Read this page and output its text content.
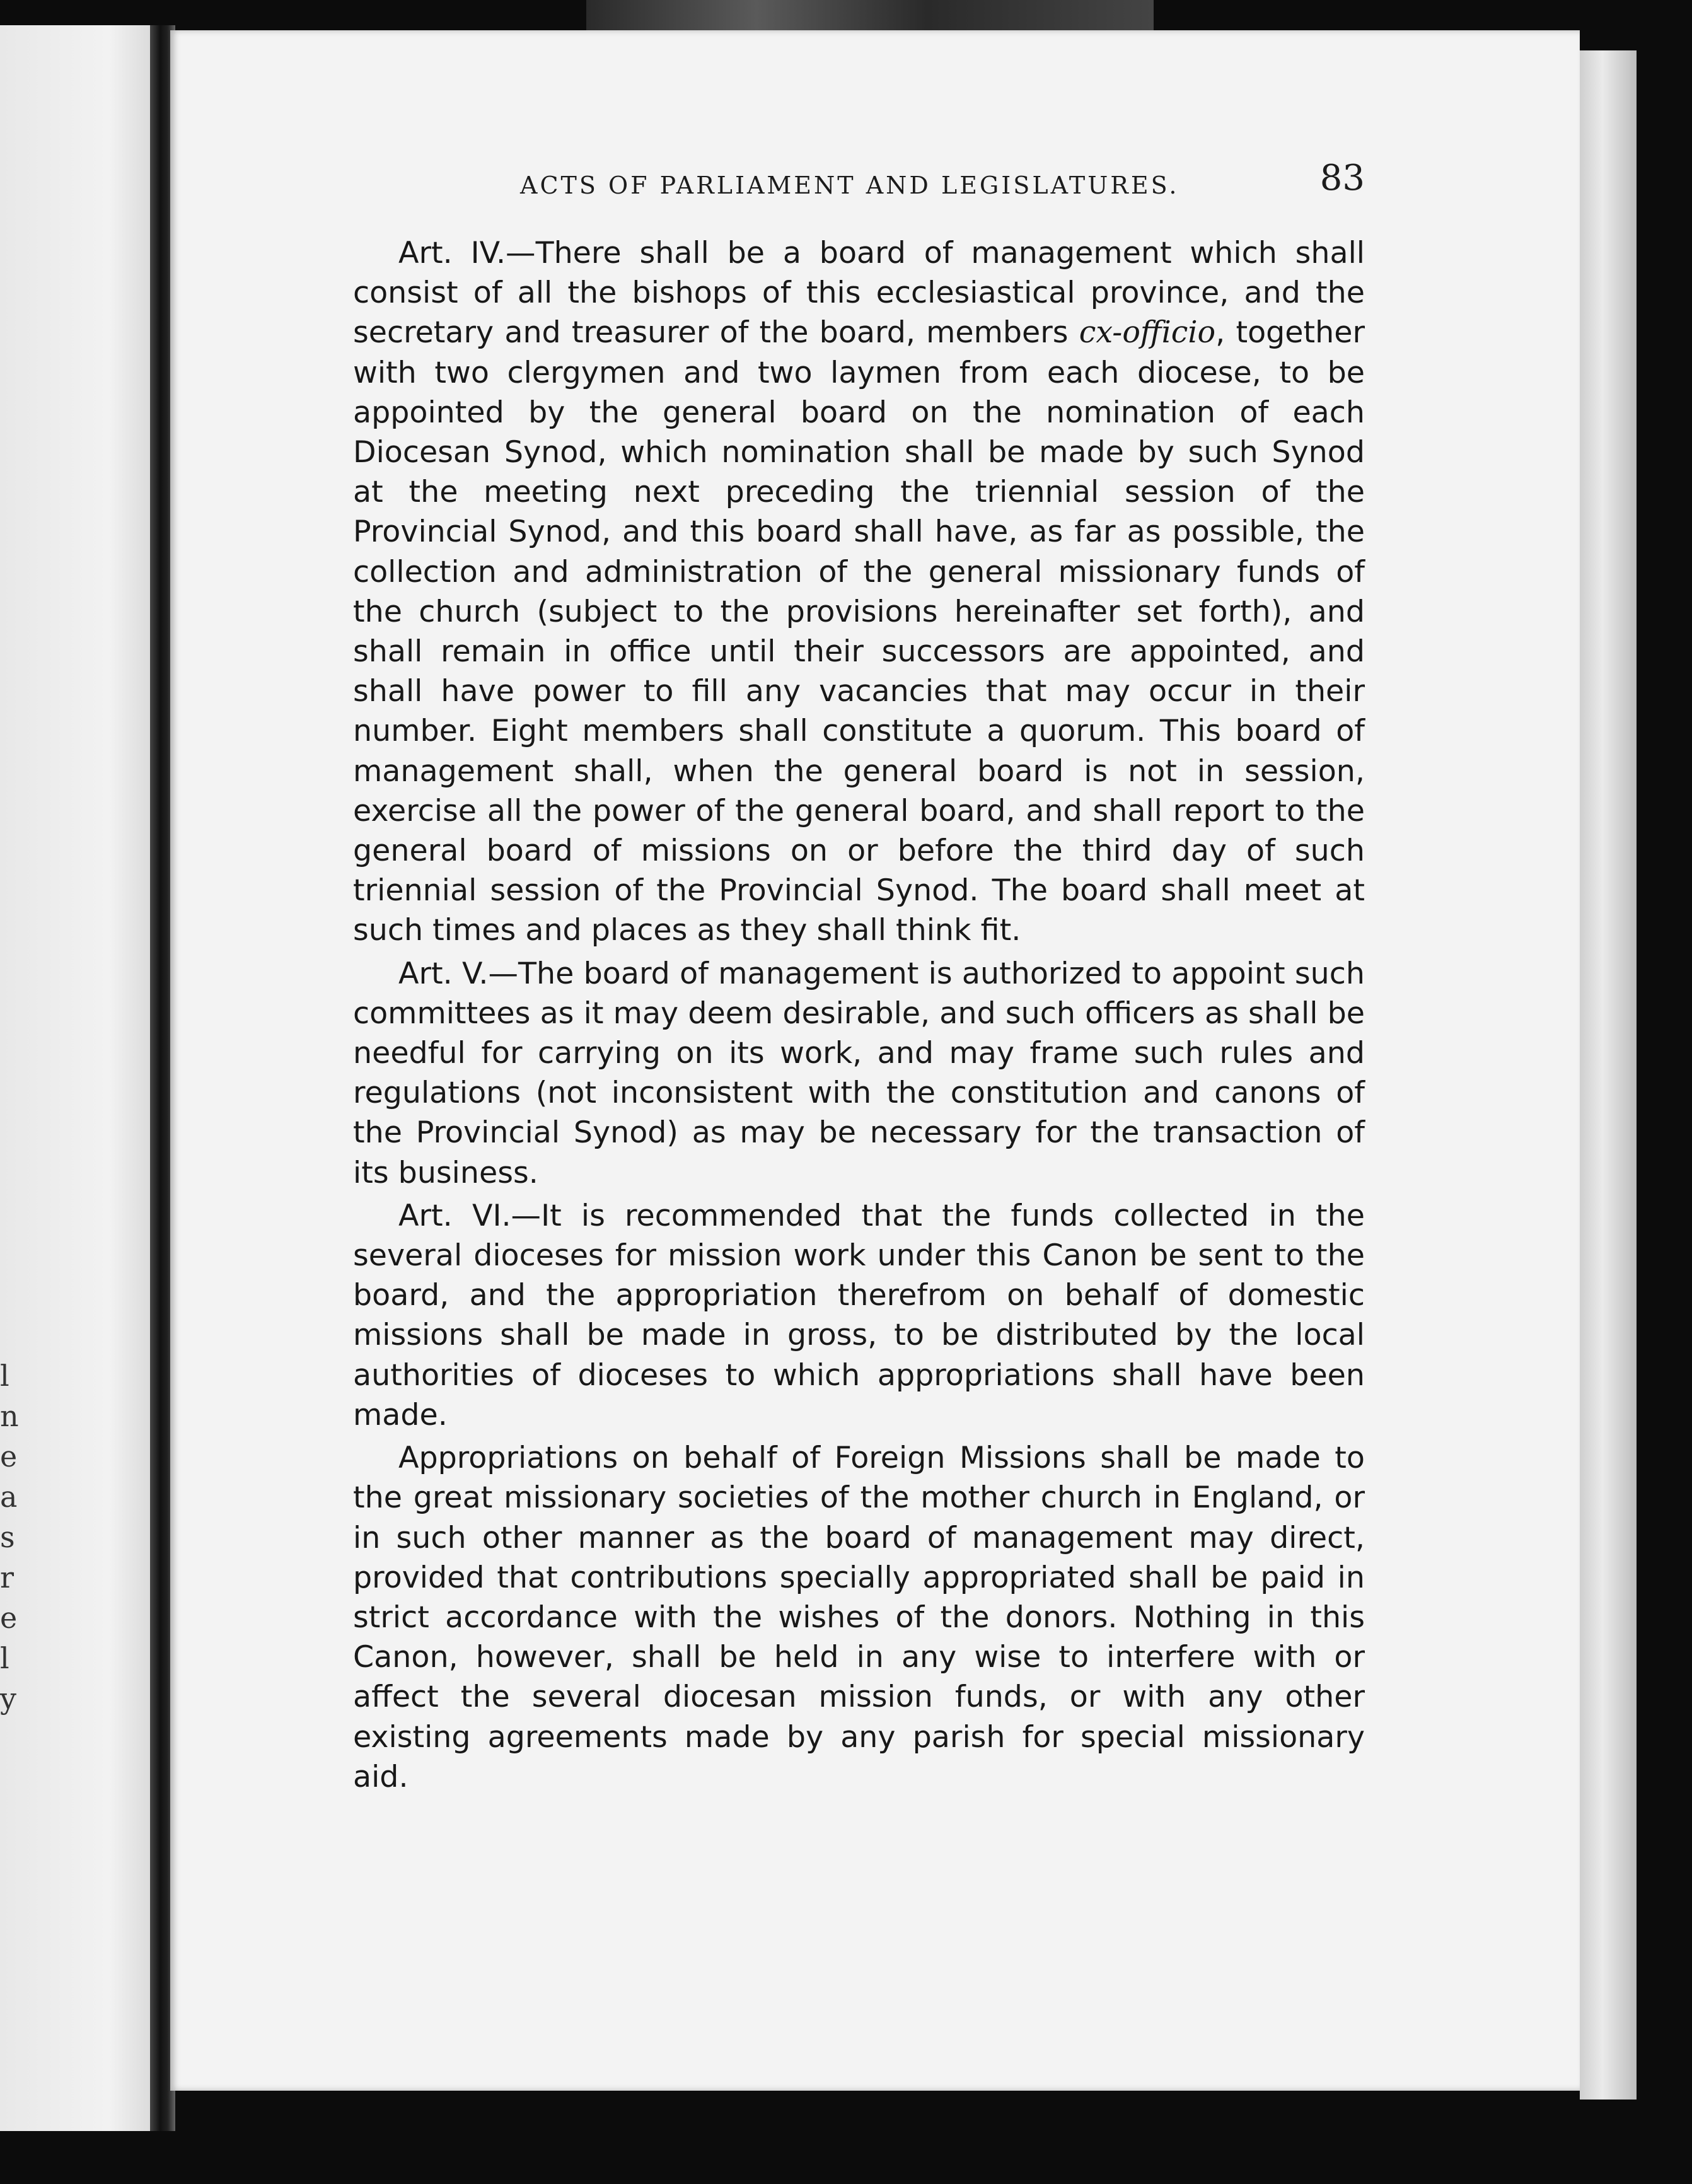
l
n
e
a
s
r
e
l
y
ACTS OF PARLIAMENT AND LEGISLATURES.	83

Art. IV.—There shall be a board of management which shall consist of all the bishops of this ecclesiastical province, and the secretary and treasurer of the board, members cx-officio, together with two clergymen and two laymen from each diocese, to be appointed by the general board on the nomination of each Diocesan Synod, which nomination shall be made by such Synod at the meeting next preceding the triennial session of the Provincial Synod, and this board shall have, as far as possible, the collection and administration of the general missionary funds of the church (subject to the provisions hereinafter set forth), and shall remain in office until their successors are appointed, and shall have power to fill any vacancies that may occur in their number. Eight members shall constitute a quorum. This board of management shall, when the general board is not in session, exercise all the power of the general board, and shall report to the general board of missions on or before the third day of such triennial session of the Provincial Synod. The board shall meet at such times and places as they shall think fit.

Art. V.—The board of management is authorized to appoint such committees as it may deem desirable, and such officers as shall be needful for carrying on its work, and may frame such rules and regulations (not inconsistent with the constitution and canons of the Provincial Synod) as may be necessary for the transaction of its business.

Art. VI.—It is recommended that the funds collected in the several dioceses for mission work under this Canon be sent to the board, and the appropriation therefrom on behalf of domestic missions shall be made in gross, to be distributed by the local authorities of dioceses to which appropriations shall have been made.

Appropriations on behalf of Foreign Missions shall be made to the great missionary societies of the mother church in England, or in such other manner as the board of management may direct, provided that contributions specially appropriated shall be paid in strict accordance with the wishes of the donors. Nothing in this Canon, however, shall be held in any wise to interfere with or affect the several diocesan mission funds, or with any other existing agreements made by any parish for special missionary aid.
